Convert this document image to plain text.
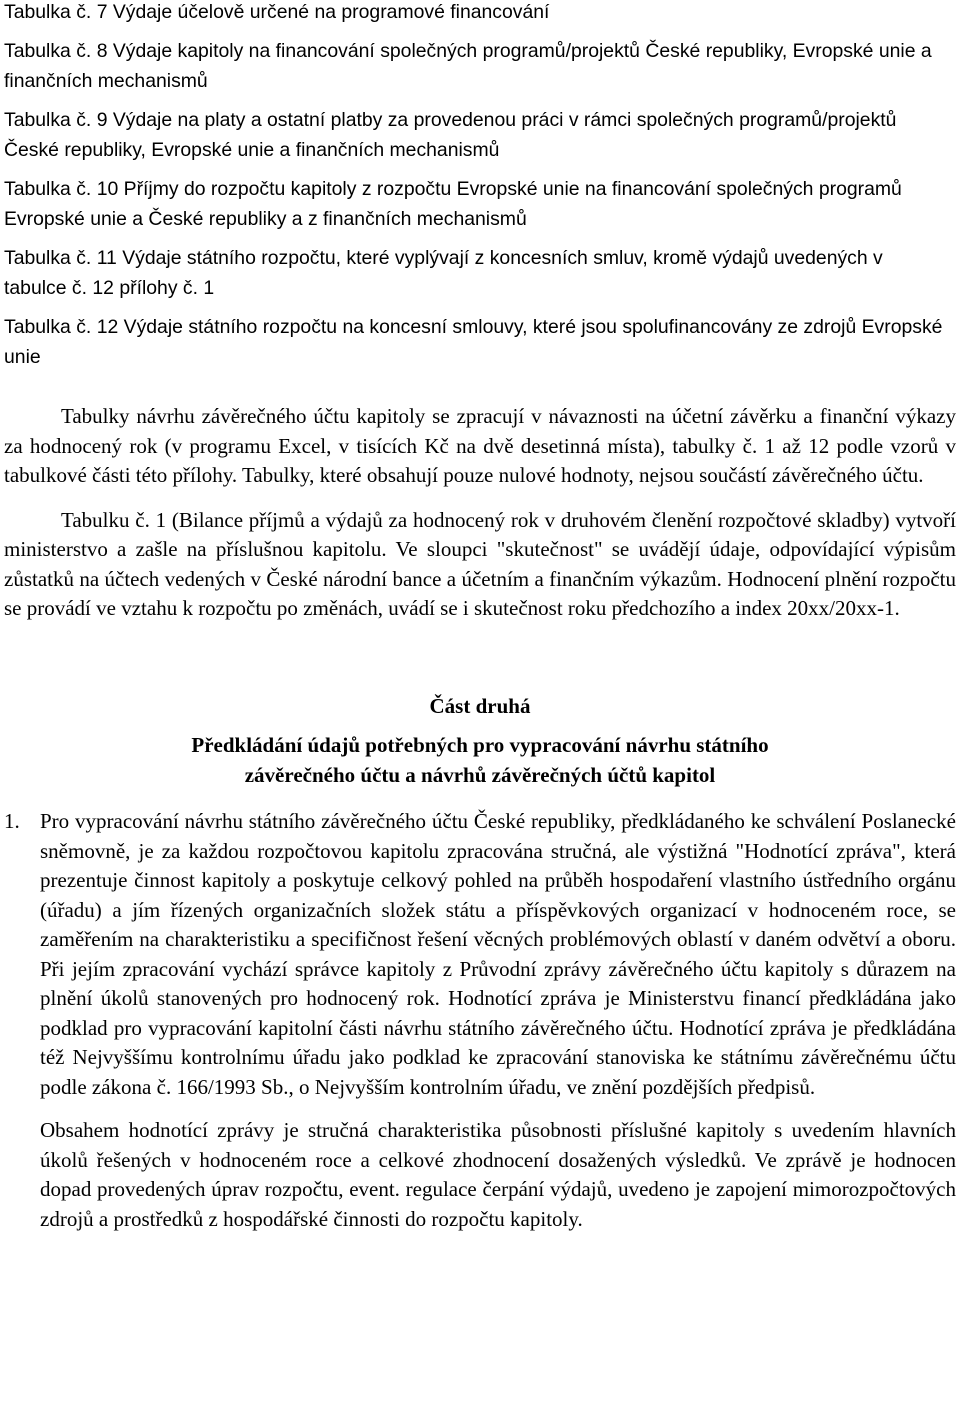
Tabulka č. 7 Výdaje účelově určené na programové financování

Tabulka č. 8 Výdaje kapitoly na financování společných programů/projektů České republiky, Evropské unie a finančních mechanismů

Tabulka č. 9 Výdaje na platy a ostatní platby za provedenou práci v rámci společných programů/projektů České republiky, Evropské unie a finančních mechanismů

Tabulka č. 10 Příjmy do rozpočtu kapitoly z rozpočtu Evropské unie na financování společných programů Evropské unie a České republiky a z finančních mechanismů

Tabulka č. 11 Výdaje státního rozpočtu, které vyplývají z koncesních smluv, kromě výdajů uvedených v tabulce č. 12 přílohy č. 1

Tabulka č. 12 Výdaje státního rozpočtu na koncesní smlouvy, které jsou spolufinancovány ze zdrojů Evropské unie

Tabulky návrhu závěrečného účtu kapitoly se zpracují v návaznosti na účetní závěrku a finanční výkazy za hodnocený rok (v programu Excel, v tisících Kč na dvě desetinná místa), tabulky č. 1 až 12 podle vzorů v tabulkové části této přílohy. Tabulky, které obsahují pouze nulové hodnoty, nejsou součástí závěrečného účtu.

Tabulku č. 1 (Bilance příjmů a výdajů za hodnocený rok v druhovém členění rozpočtové skladby) vytvoří ministerstvo a zašle na příslušnou kapitolu. Ve sloupci "skutečnost" se uvádějí údaje, odpovídající výpisům zůstatků na účtech vedených v České národní bance a účetním a finančním výkazům. Hodnocení plnění rozpočtu se provádí ve vztahu k rozpočtu po změnách, uvádí se i skutečnost roku předchozího a index 20xx/20xx-1.

Část druhá

Předkládání údajů potřebných pro vypracování návrhu státního

závěrečného účtu a návrhů závěrečných účtů kapitol

1. Pro vypracování návrhu státního závěrečného účtu České republiky, předkládaného ke schválení Poslanecké sněmovně, je za každou rozpočtovou kapitolu zpracována stručná, ale výstižná "Hodnotící zpráva", která prezentuje činnost kapitoly a poskytuje celkový pohled na průběh hospodaření vlastního ústředního orgánu (úřadu) a jím řízených organizačních složek státu a příspěvkových organizací v hodnoceném roce, se zaměřením na charakteristiku a specifičnost řešení věcných problémových oblastí v daném odvětví a oboru. Při jejím zpracování vychází správce kapitoly z Průvodní zprávy závěrečného účtu kapitoly s důrazem na plnění úkolů stanovených pro hodnocený rok. Hodnotící zpráva je Ministerstvu financí předkládána jako podklad pro vypracování kapitolní části návrhu státního závěrečného účtu. Hodnotící zpráva je předkládána též Nejvyššímu kontrolnímu úřadu jako podklad ke zpracování stanoviska ke státnímu závěrečnému účtu podle zákona č. 166/1993 Sb., o Nejvyšším kontrolním úřadu, ve znění pozdějších předpisů.

Obsahem hodnotící zprávy je stručná charakteristika působnosti příslušné kapitoly s uvedením hlavních úkolů řešených v hodnoceném roce a celkové zhodnocení dosažených výsledků. Ve zprávě je hodnocen dopad provedených úprav rozpočtu, event. regulace čerpání výdajů, uvedeno je zapojení mimorozpočtových zdrojů a prostředků z hospodářské činnosti do rozpočtu kapitoly.
